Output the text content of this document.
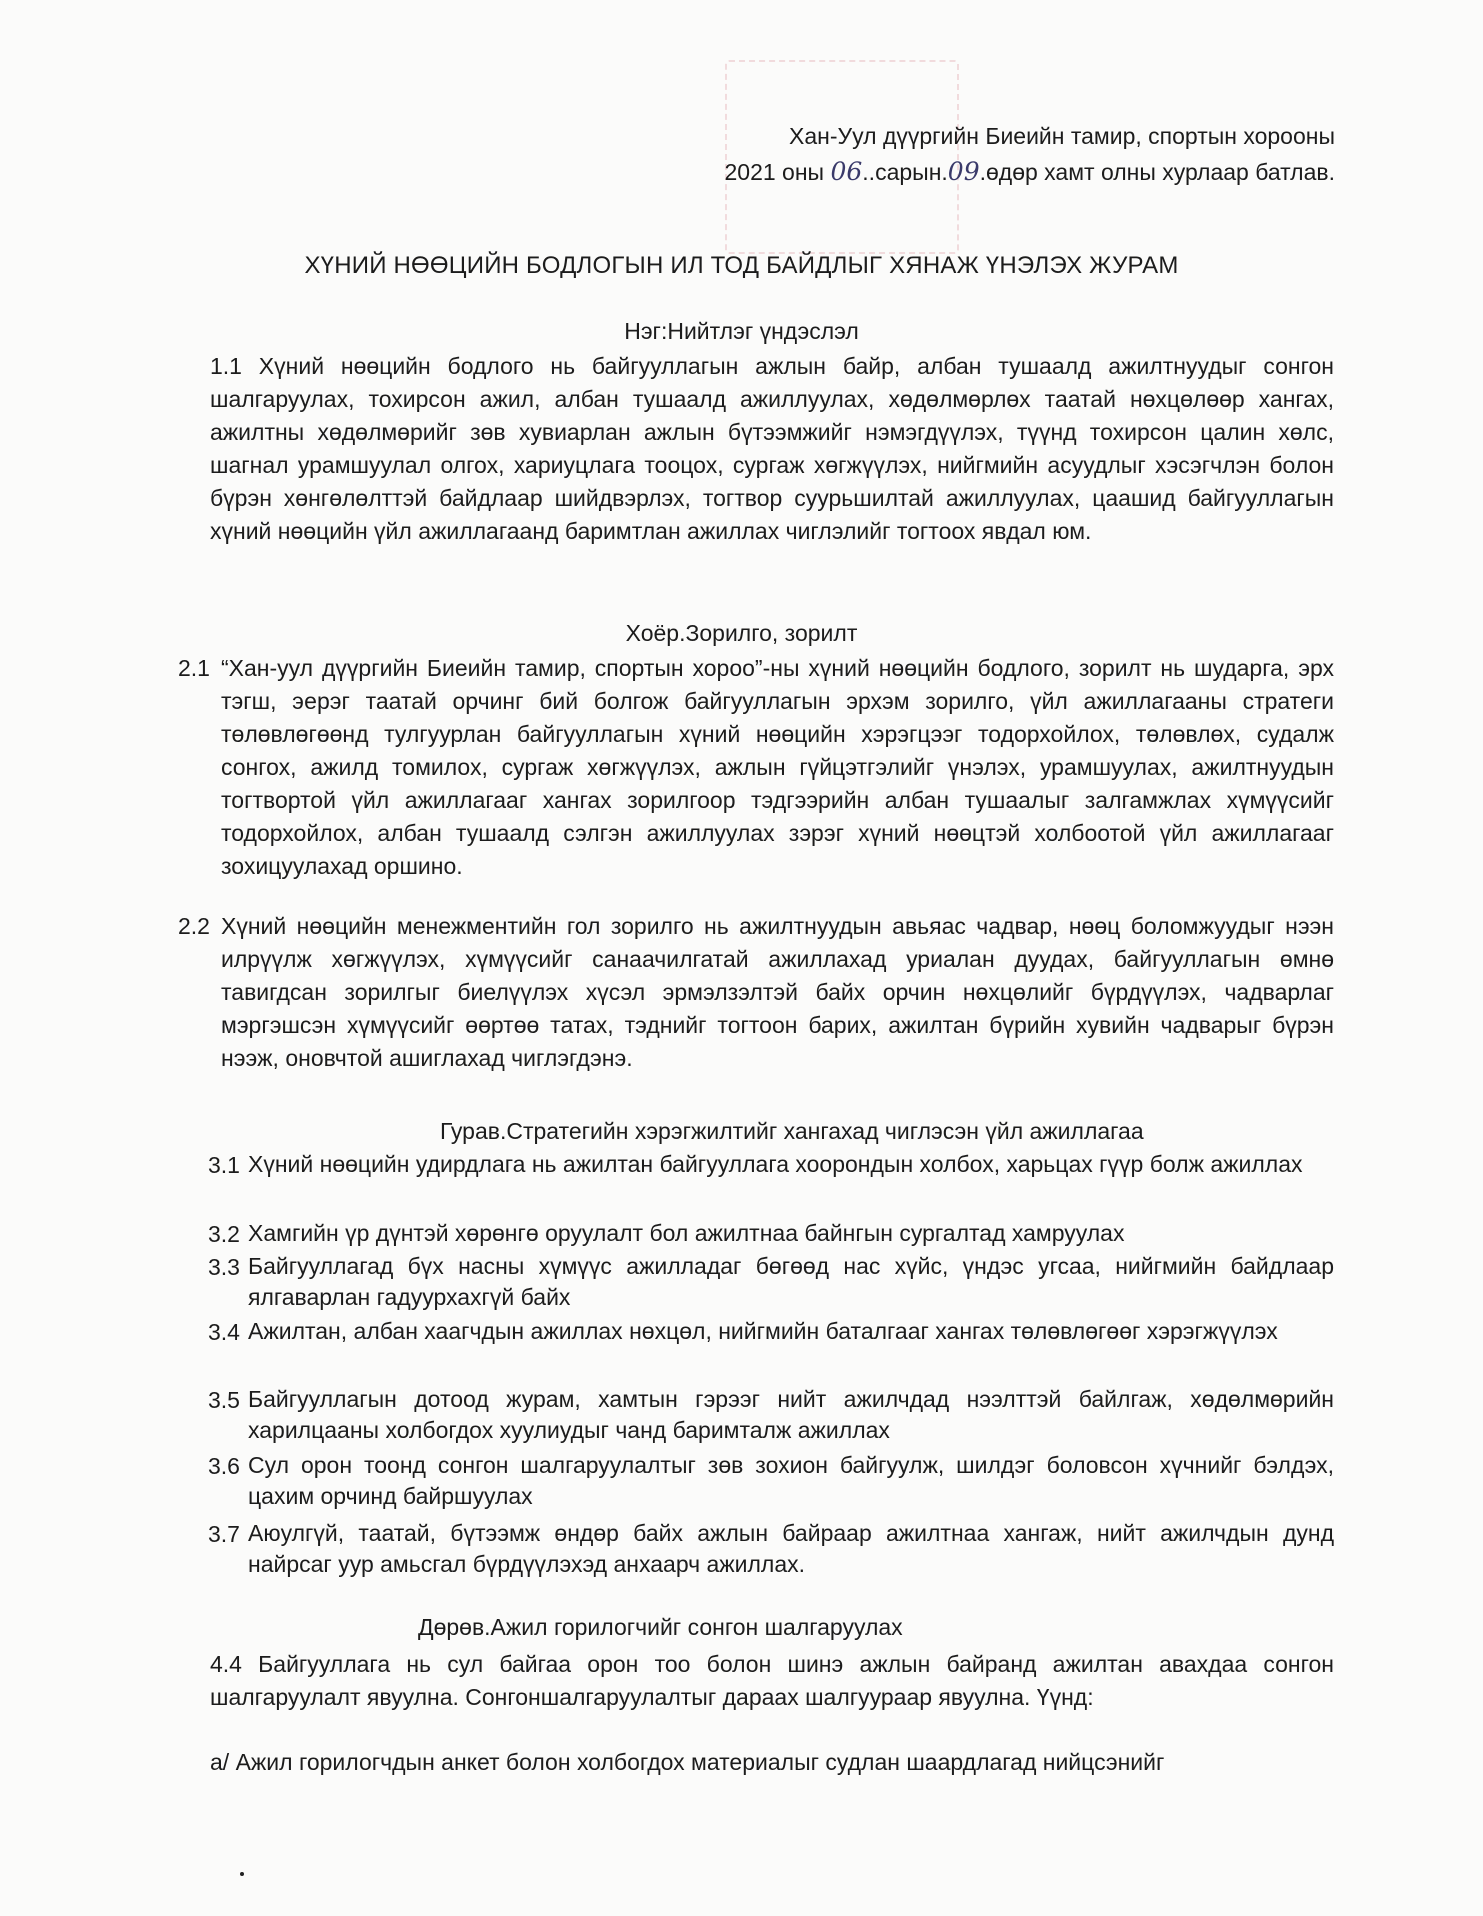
Хан-Уул дүүргийн Биеийн тамир, спортын хорооны
2021 оны 06..сарын.09.өдөр хамт олны хурлаар батлав.
ХҮНИЙ НӨӨЦИЙН БОДЛОГЫН ИЛ ТОД БАЙДЛЫГ ХЯНАЖ ҮНЭЛЭХ ЖУРАМ
Нэг:Нийтлэг үндэслэл
1.1 Хүний нөөцийн бодлого нь байгууллагын ажлын байр, албан тушаалд ажилтнуудыг сонгон шалгаруулах, тохирсон ажил, албан тушаалд ажиллуулах, хөдөлмөрлөх таатай нөхцөлөөр хангах, ажилтны хөдөлмөрийг зөв хувиарлан ажлын бүтээмжийг нэмэгдүүлэх, түүнд тохирсон цалин хөлс, шагнал урамшуулал олгох, хариуцлага тооцох, сургаж хөгжүүлэх, нийгмийн асуудлыг хэсэгчлэн болон бүрэн хөнгөлөлттэй байдлаар шийдвэрлэх, тогтвор суурьшилтай ажиллуулах, цаашид байгууллагын хүний нөөцийн үйл ажиллагаанд баримтлан ажиллах чиглэлийг тогтоох явдал юм.
Хоёр.Зорилго, зорилт
2.1 “Хан-уул дүүргийн Биеийн тамир, спортын хороо”-ны хүний нөөцийн бодлого, зорилт нь шударга, эрх тэгш, эерэг таатай орчинг бий болгож байгууллагын эрхэм зорилго, үйл ажиллагааны стратеги төлөвлөгөөнд тулгуурлан байгууллагын хүний нөөцийн хэрэгцээг тодорхойлох, төлөвлөх, судалж сонгох, ажилд томилох, сургаж хөгжүүлэх, ажлын гүйцэтгэлийг үнэлэх, урамшуулах, ажилтнуудын тогтвортой үйл ажиллагааг хангах зорилгоор тэдгээрийн албан тушаалыг залгамжлах хүмүүсийг тодорхойлох, албан тушаалд сэлгэн ажиллуулах зэрэг хүний нөөцтэй холбоотой үйл ажиллагааг зохицуулахад оршино.
2.2 Хүний нөөцийн менежментийн гол зорилго нь ажилтнуудын авьяас чадвар, нөөц боломжуудыг нээн илрүүлж хөгжүүлэх, хүмүүсийг санаачилгатай ажиллахад уриалан дуудах, байгууллагын өмнө тавигдсан зорилгыг биелүүлэх хүсэл эрмэлзэлтэй байх орчин нөхцөлийг бүрдүүлэх, чадварлаг мэргэшсэн хүмүүсийг өөртөө татах, тэднийг тогтоон барих, ажилтан бүрийн хувийн чадварыг бүрэн нээж, оновчтой ашиглахад чиглэгдэнэ.
Гурав.Стратегийн хэрэгжилтийг хангахад чиглэсэн үйл ажиллагаа
3.1 Хүний нөөцийн удирдлага нь ажилтан байгууллага хоорондын холбох, харьцах гүүр болж ажиллах
3.2 Хамгийн үр дүнтэй хөрөнгө оруулалт бол ажилтнаа байнгын сургалтад хамруулах
3.3 Байгууллагад бүх насны хүмүүс ажилладаг бөгөөд нас хүйс, үндэс угсаа, нийгмийн байдлаар ялгаварлан гадуурхахгүй байх
3.4 Ажилтан, албан хаагчдын ажиллах нөхцөл, нийгмийн баталгааг хангах төлөвлөгөөг хэрэгжүүлэх
3.5 Байгууллагын дотоод журам, хамтын гэрээг нийт ажилчдад нээлттэй байлгаж, хөдөлмөрийн харилцааны холбогдох хуулиудыг чанд баримталж ажиллах
3.6 Сул орон тоонд сонгон шалгаруулалтыг зөв зохион байгуулж, шилдэг боловсон хүчнийг бэлдэх, цахим орчинд байршуулах
3.7 Аюулгүй, таатай, бүтээмж өндөр байх ажлын байраар ажилтнаа хангаж, нийт ажилчдын дунд найрсаг уур амьсгал бүрдүүлэхэд анхаарч ажиллах.
Дөрөв.Ажил горилогчийг сонгон шалгаруулах
4.4 Байгууллага нь сул байгаа орон тоо болон шинэ ажлын байранд ажилтан авахдаа сонгон шалгаруулалт явуулна. Сонгоншалгаруулалтыг дараах шалгуураар явуулна. Үүнд:
а/ Ажил горилогчдын анкет болон холбогдох материалыг судлан шаардлагад нийцсэнийг
